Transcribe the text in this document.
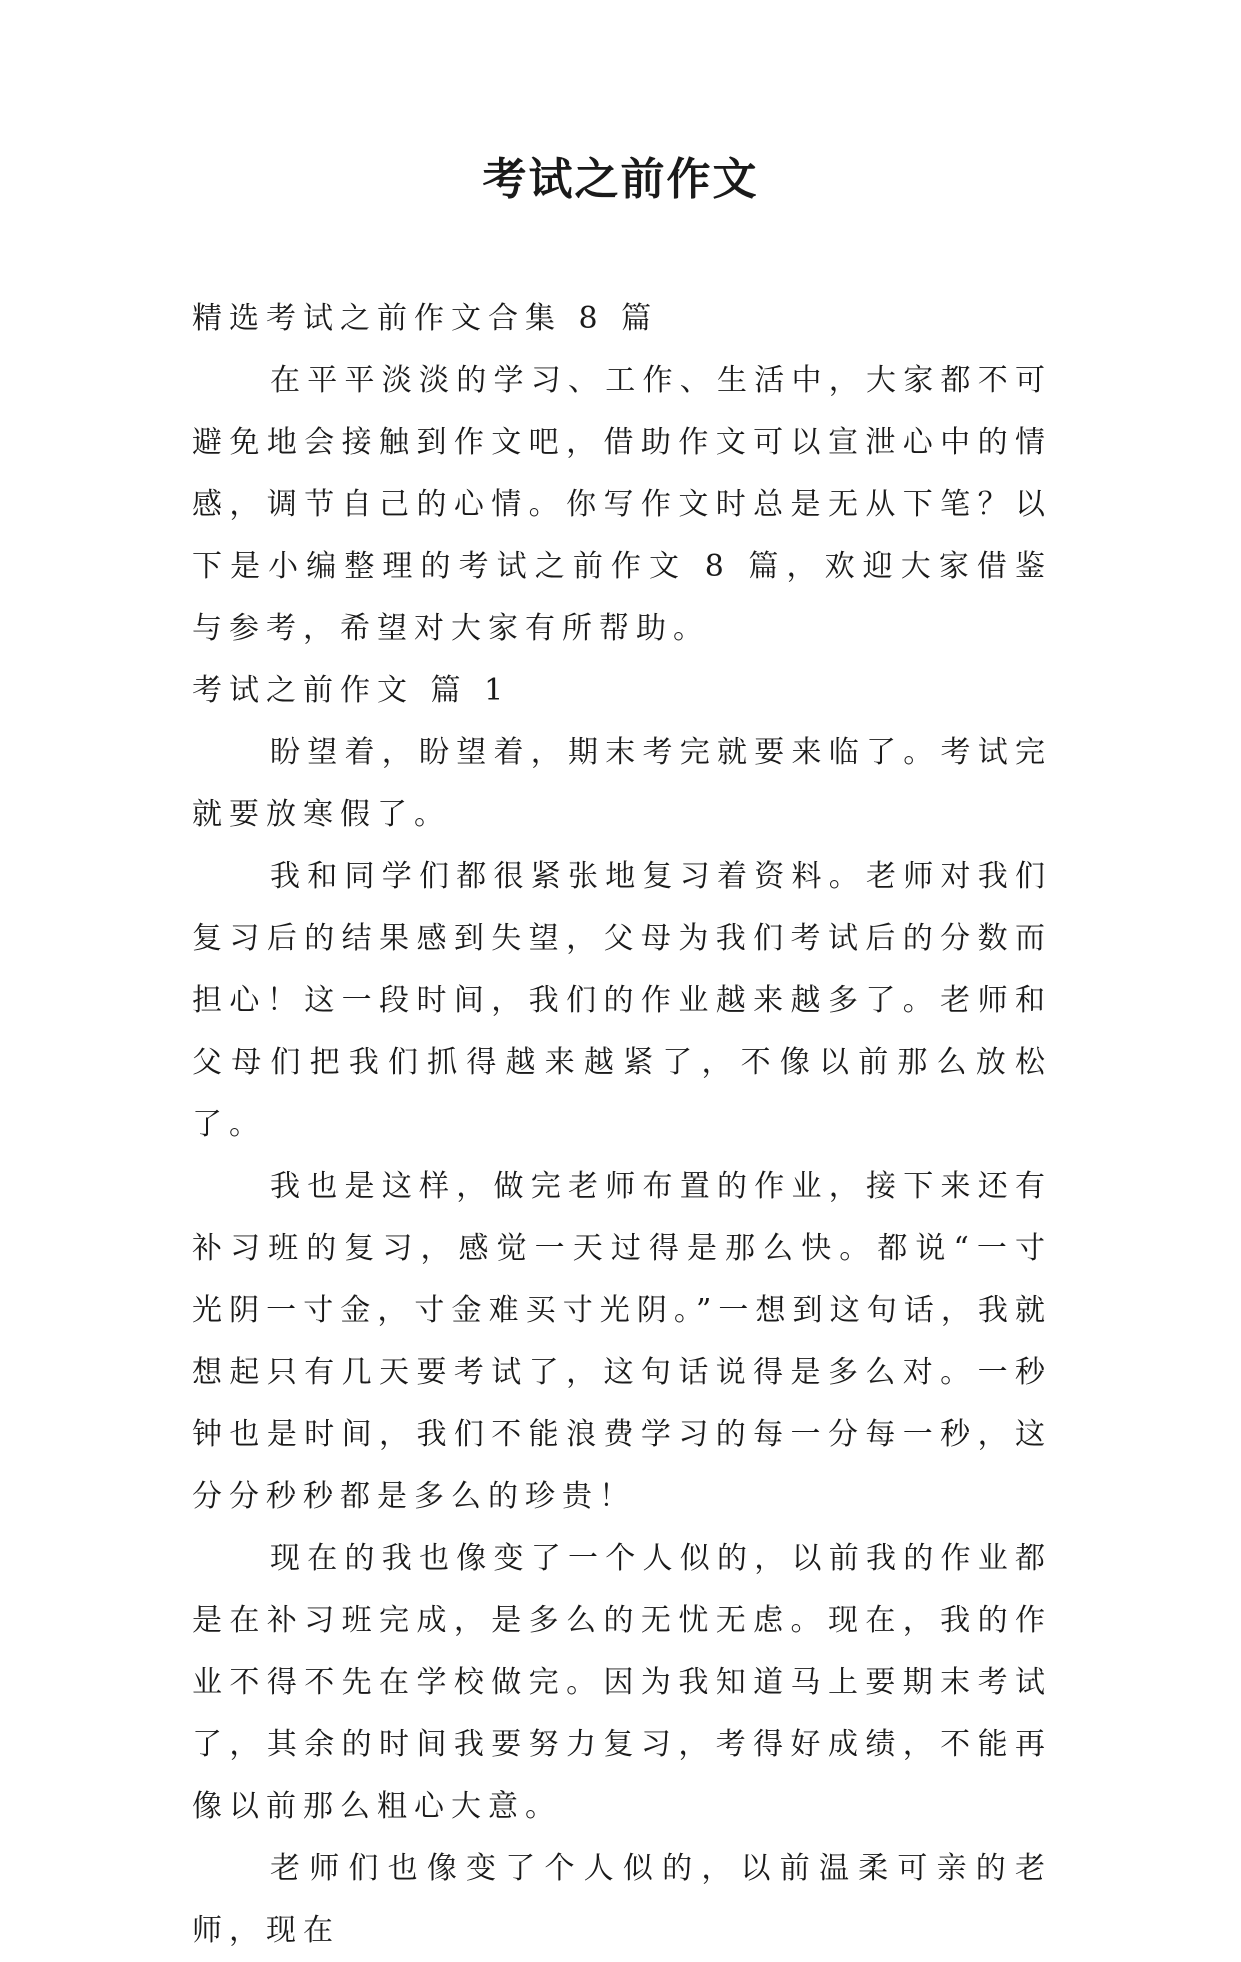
考试之前作文

精选考试之前作文合集 8 篇

在平平淡淡的学习、工作、生活中，大家都不可避免地会接触到作文吧，借助作文可以宣泄心中的情感，调节自己的心情。你写作文时总是无从下笔？以下是小编整理的考试之前作文 8 篇，欢迎大家借鉴与参考，希望对大家有所帮助。

考试之前作文 篇 1

盼望着，盼望着，期末考完就要来临了。考试完就要放寒假了。

我和同学们都很紧张地复习着资料。老师对我们复习后的结果感到失望，父母为我们考试后的分数而担心！这一段时间，我们的作业越来越多了。老师和父母们把我们抓得越来越紧了，不像以前那么放松了。

我也是这样，做完老师布置的作业，接下来还有补习班的复习，感觉一天过得是那么快。都说“一寸光阴一寸金，寸金难买寸光阴。”一想到这句话，我就想起只有几天要考试了，这句话说得是多么对。一秒钟也是时间，我们不能浪费学习的每一分每一秒，这分分秒秒都是多么的珍贵！

现在的我也像变了一个人似的，以前我的作业都是在补习班完成，是多么的无忧无虑。现在，我的作业不得不先在学校做完。因为我知道马上要期末考试了，其余的时间我要努力复习，考得好成绩，不能再像以前那么粗心大意。

老师们也像变了个人似的，以前温柔可亲的老师，现在
